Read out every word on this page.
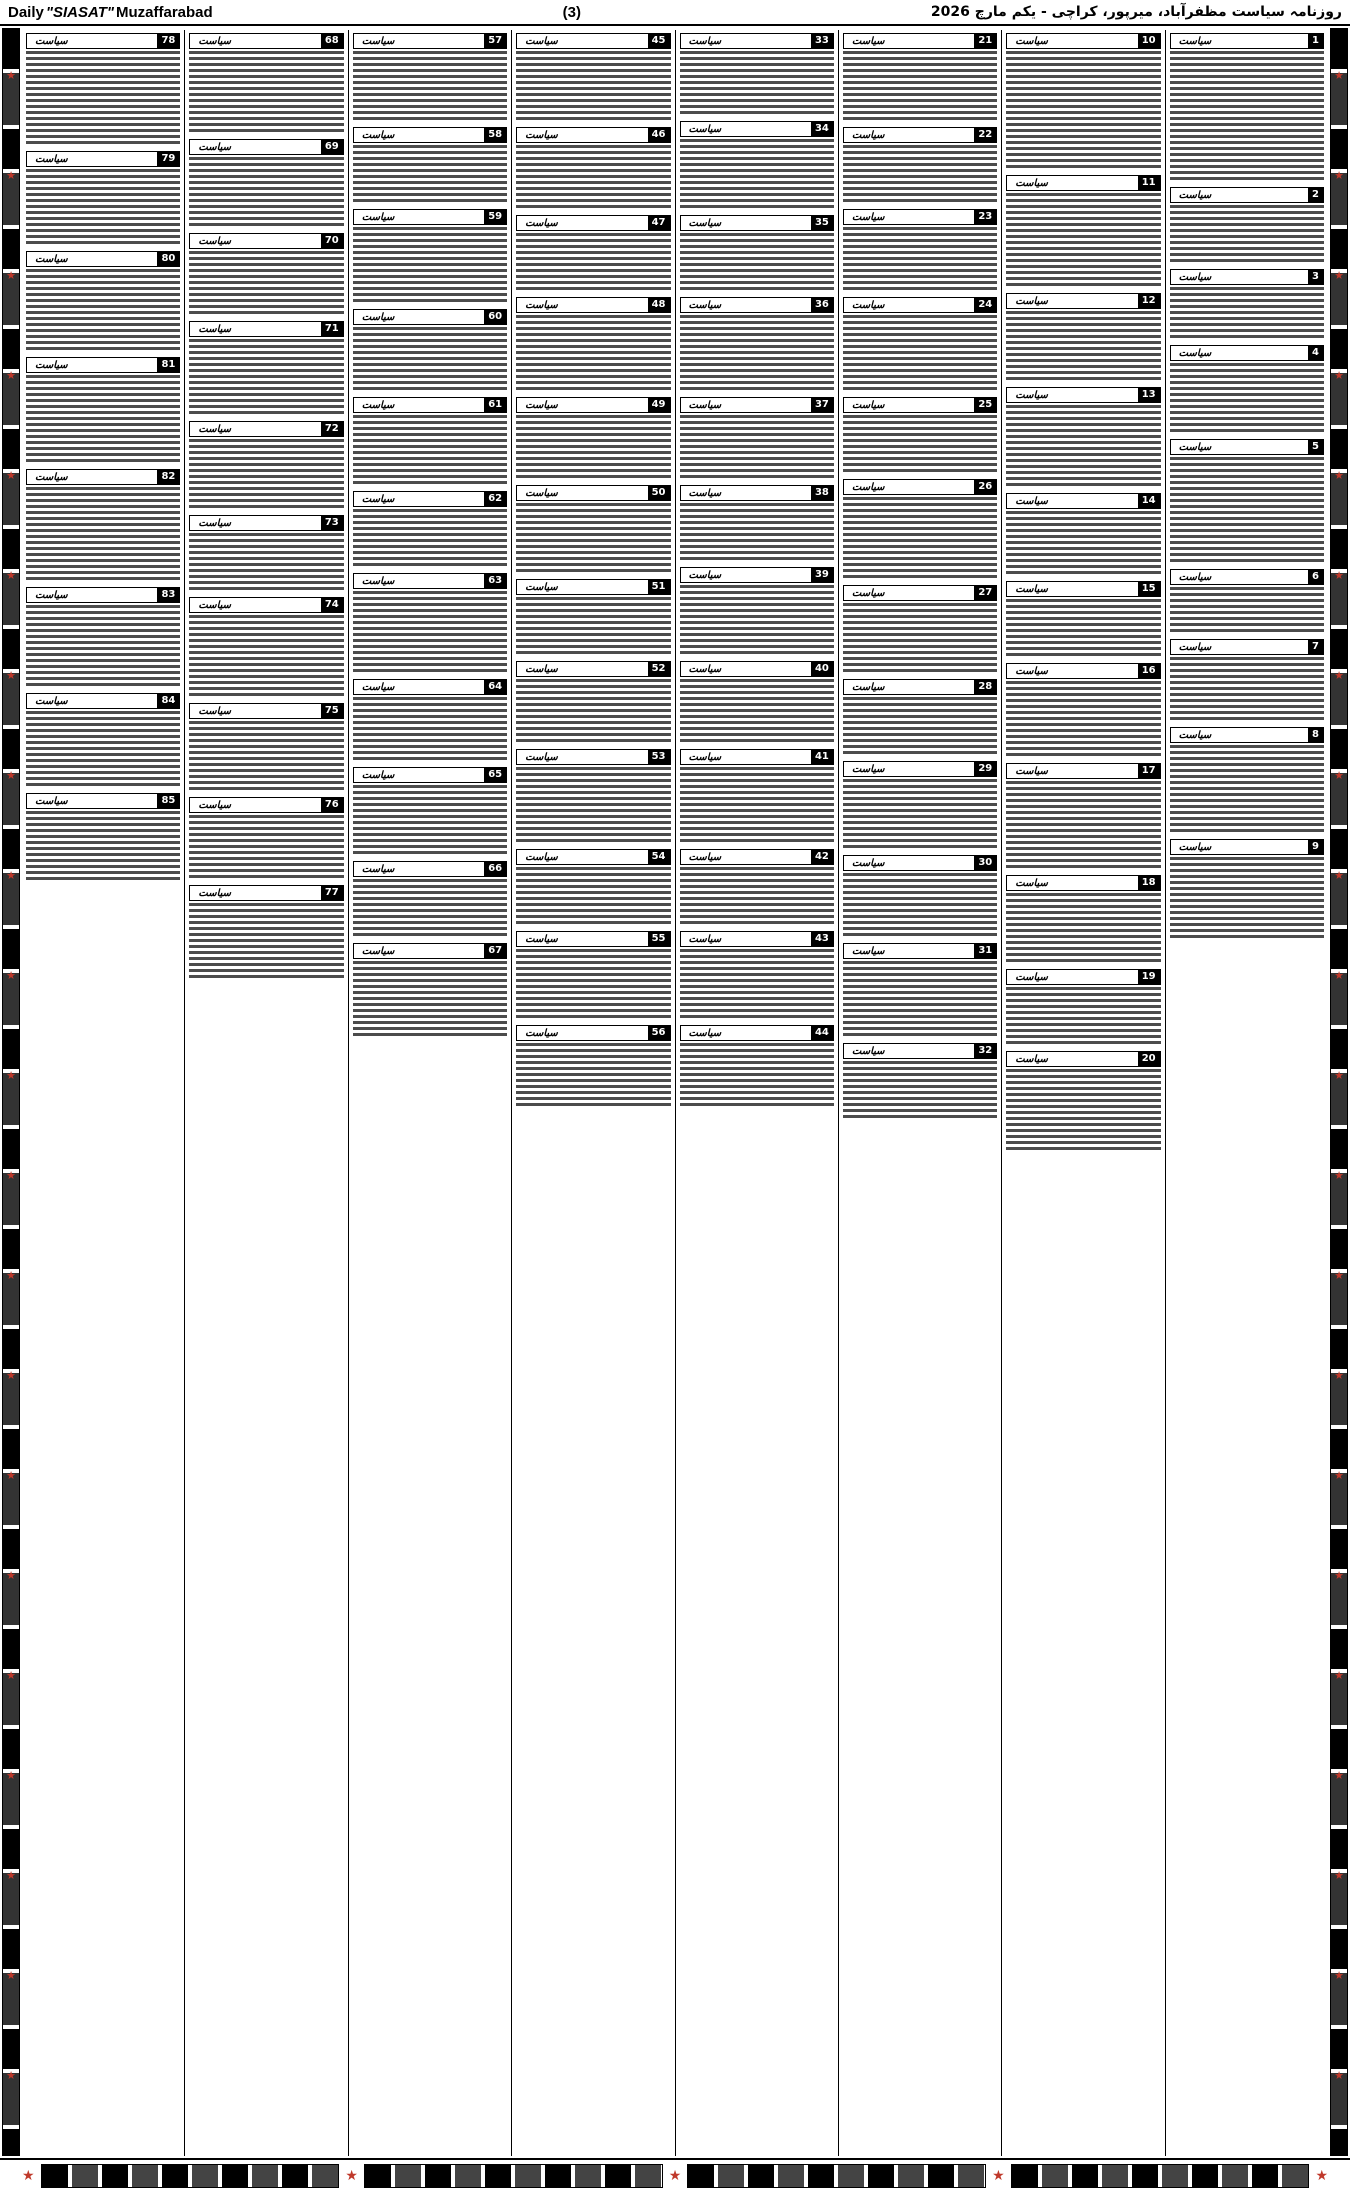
Daily "SIASAT" Muzaffarabad	(3)	روزنامہ سیاست مظفرآباد، میرپور، کراچی - یکم مارچ 2026
★
★
★
★
★
★
★
★
★
★
★
★
★
★
★
★
★
★
★
★
★
★
★
★
★
★
★
★
★
★
★
★
★
★
★
★
★
★
★
★
★
★
1
سیاست
2
سیاست
3
سیاست
4
سیاست
5
سیاست
6
سیاست
7
سیاست
8
سیاست
9
سیاست
10
سیاست
11
سیاست
12
سیاست
13
سیاست
14
سیاست
15
سیاست
16
سیاست
17
سیاست
18
سیاست
19
سیاست
20
سیاست
21
سیاست
22
سیاست
23
سیاست
24
سیاست
25
سیاست
26
سیاست
27
سیاست
28
سیاست
29
سیاست
30
سیاست
31
سیاست
32
سیاست
33
سیاست
34
سیاست
35
سیاست
36
سیاست
37
سیاست
38
سیاست
39
سیاست
40
سیاست
41
سیاست
42
سیاست
43
سیاست
44
سیاست
45
سیاست
46
سیاست
47
سیاست
48
سیاست
49
سیاست
50
سیاست
51
سیاست
52
سیاست
53
سیاست
54
سیاست
55
سیاست
56
سیاست
57
سیاست
58
سیاست
59
سیاست
60
سیاست
61
سیاست
62
سیاست
63
سیاست
64
سیاست
65
سیاست
66
سیاست
67
سیاست
68
سیاست
69
سیاست
70
سیاست
71
سیاست
72
سیاست
73
سیاست
74
سیاست
75
سیاست
76
سیاست
77
سیاست
78
سیاست
79
سیاست
80
سیاست
81
سیاست
82
سیاست
83
سیاست
84
سیاست
85
سیاست
★	★	★	★	★
